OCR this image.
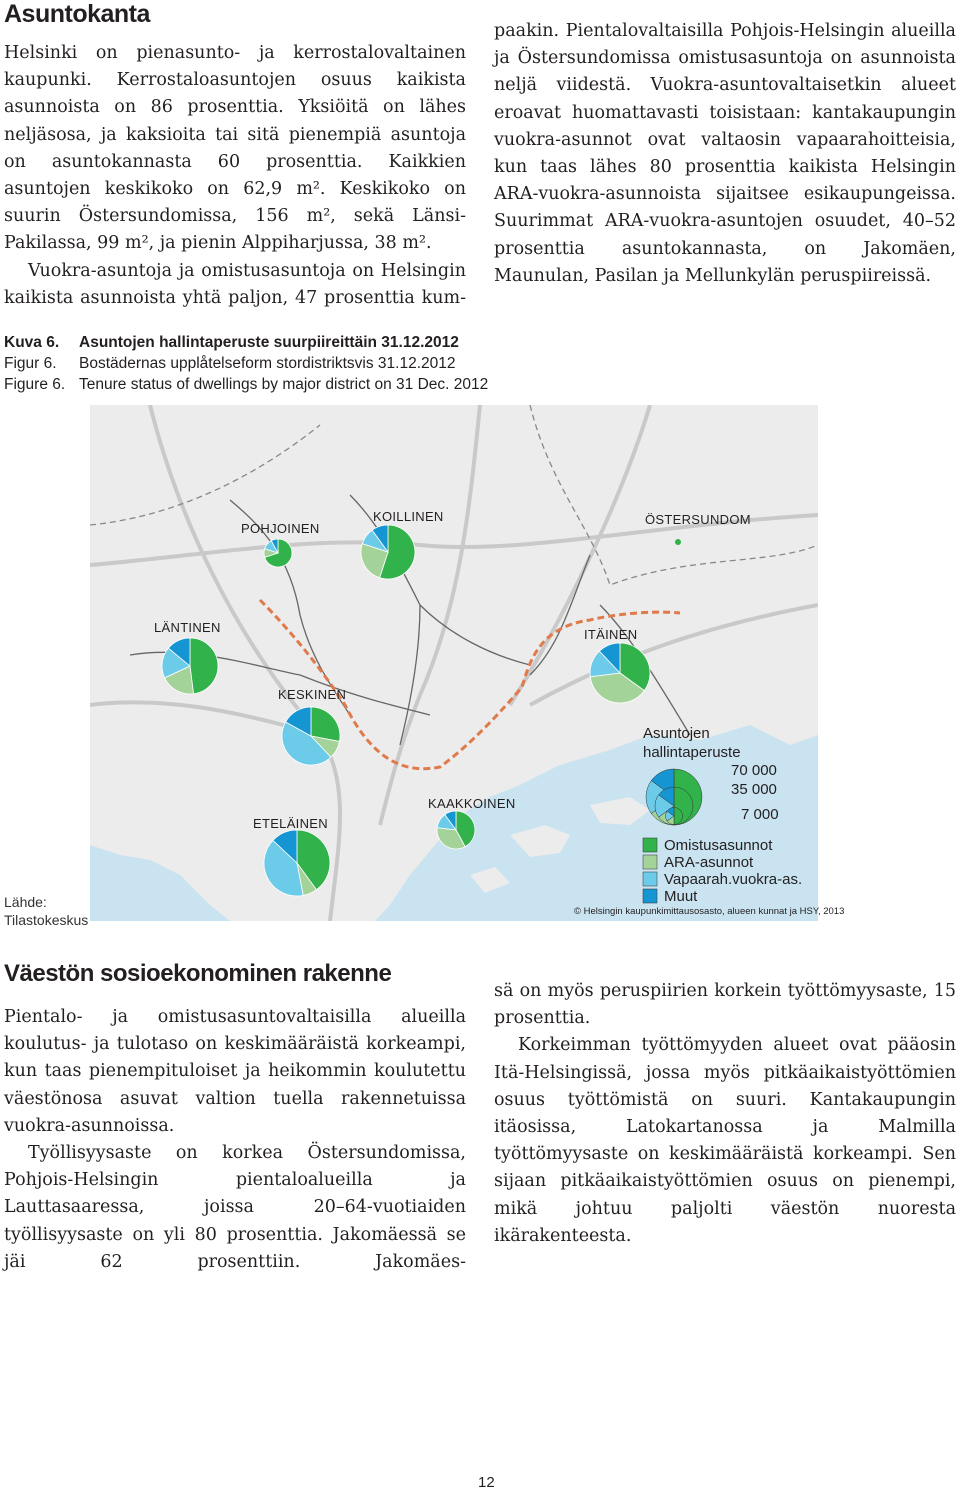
Asuntokanta

Helsinki on pienasunto- ja kerrostalovaltainen kaupunki. Kerrostaloasuntojen osuus kaikista asunnoista on 86 prosenttia. Yksiöitä on lähes neljäsosa, ja kaksioita tai sitä pienempiä asuntoja on asuntokannasta 60 prosenttia. Kaikkien asuntojen keskikoko on 62,9 m². Keskikoko on suurin Östersundomissa, 156 m², sekä Länsi-Pakilassa, 99 m², ja pienin Alppiharjussa, 38 m².

Vuokra-asuntoja ja omistusasuntoja on Helsingin kaikista asunnoista yhtä paljon, 47 prosenttia kum-

paakin. Pientalovaltaisilla Pohjois-Helsingin alueilla ja Östersundomissa omistusasuntoja on asunnoista neljä viidestä. Vuokra-asuntovaltaisetkin alueet eroavat huomattavasti toisistaan: kantakaupungin vuokra-asunnot ovat valtaosin vapaarahoitteisia, kun taas lähes 80 prosenttia kaikista Helsingin ARA-vuokra-asunnoista sijaitsee esikaupungeissa. Suurimmat ARA-vuokra-asuntojen osuudet, 40–52 prosenttia asuntokannasta, on Jakomäen, Maunulan, Pasilan ja Mellunkylän peruspiireissä.

Kuva 6.	Asuntojen hallintaperuste suurpiireittäin 31.12.2012
Figur 6.	Bostädernas upplåtelseform stordistriktsvis 31.12.2012
Figure 6. Tenure status of dwellings by major district on 31 Dec. 2012
POHJOINEN
KOILLINEN	ÖSTERSUNDOM
LÄNTINEN	ITÄINEN
KESKINEN
KAAKKOINEN
ETELÄINEN
Asuntojen
hallintaperuste
70 000
35 000
7 000
Omistusasunnot
ARA-asunnot
Vapaarah.vuokra-as.
Muut
© Helsingin kaupunkimittausosasto, alueen kunnat ja HSY, 2013
Lähde:
Tilastokeskus
Väestön sosioekonominen rakenne

Pientalo- ja omistusasuntovaltaisilla alueilla koulutus- ja tulotaso on keskimääräistä korkeampi, kun taas pienempituloiset ja heikommin koulutettu väestönosa asuvat valtion tuella rakennetuissa vuokra-asunnoissa.

Työllisyysaste on korkea Östersundomissa, Pohjois-Helsingin pientaloalueilla ja Lauttasaaressa, joissa 20–64-vuotiaiden työllisyysaste on yli 80 prosenttia. Jakomäessä se jäi 62 prosenttiin. Jakomäes-

sä on myös peruspiirien korkein työttömyysaste, 15 prosenttia.

Korkeimman työttömyyden alueet ovat pääosin Itä-Helsingissä, jossa myös pitkäaikaistyöttömien osuus työttömistä on suuri. Kantakaupungin itäosissa, Latokartanossa ja Malmilla työttömyysaste on keskimääräistä korkeampi. Sen sijaan pitkäaikaistyöttömien osuus on pienempi, mikä johtuu paljolti väestön nuoresta ikärakenteesta.

12
